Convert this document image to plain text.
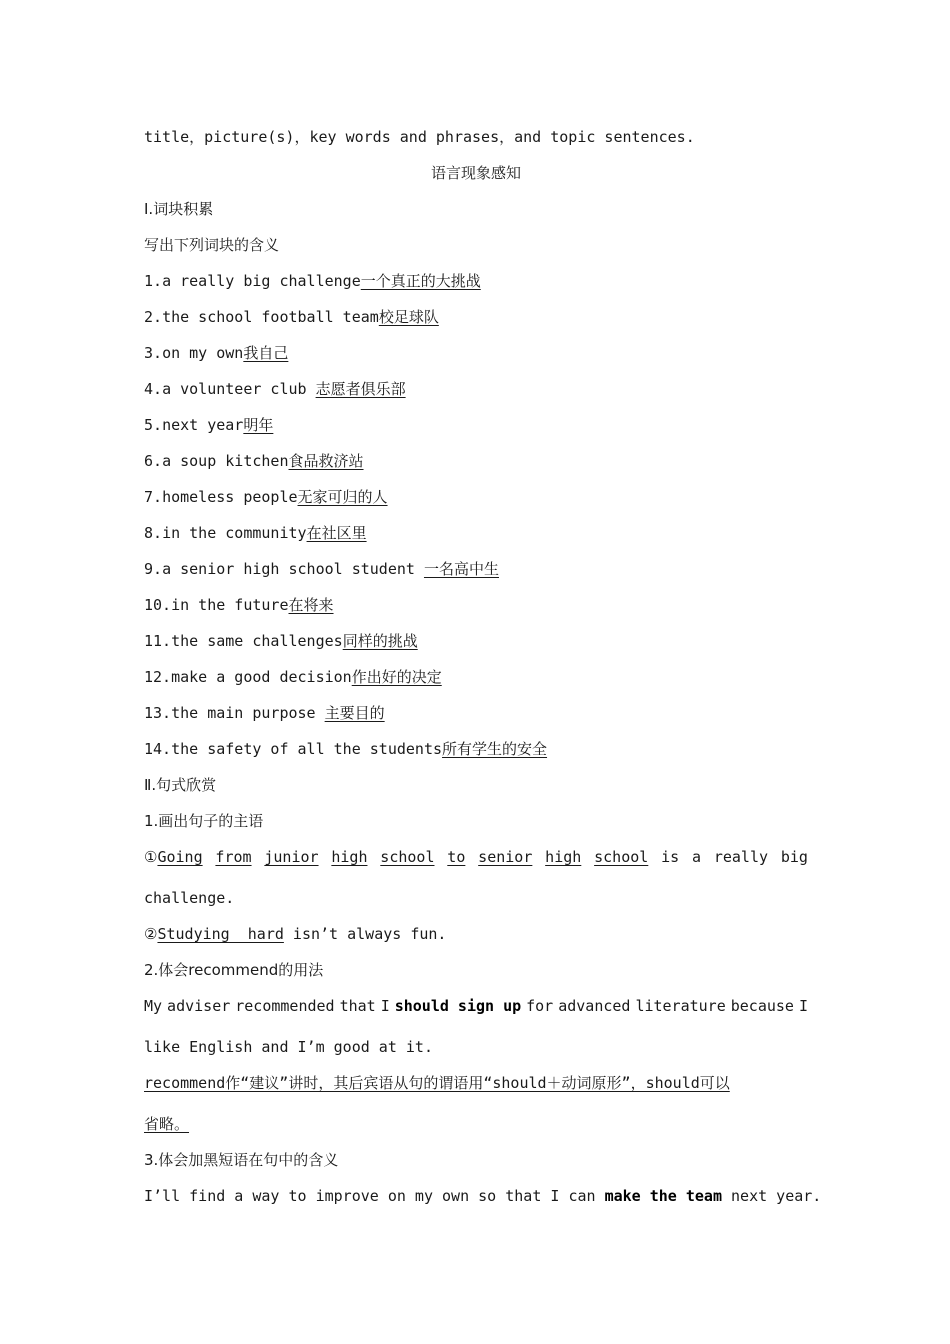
title，picture(s)，key words and phrases，and topic sentences.
语言现象感知
Ⅰ.词块积累
写出下列词块的含义
1.a really big challenge一个真正的大挑战
2.the school football team校足球队
3.on my own我自己
4.a volunteer club 志愿者俱乐部
5.next year明年
6.a soup kitchen食品救济站
7.homeless people无家可归的人
8.in the community在社区里
9.a senior high school student 一名高中生
10.in the future在将来
11.the same challenges同样的挑战
12.make a good decision作出好的决定
13.the main purpose 主要目的
14.the safety of all the students所有学生的安全
Ⅱ.句式欣赏
1.画出句子的主语
①Going from junior high school to senior high school is a really big
challenge.
②Studying  hard isn’t always fun.
2.体会recommend的用法
My adviser recommended that I should sign up for advanced literature because I
like English and I’m good at it.
recommend作“建议”讲时，其后宾语从句的谓语用“should＋动词原形”，should可以
省略。
3.体会加黑短语在句中的含义
I’ll find a way to improve on my own so that I can make the team next year.
